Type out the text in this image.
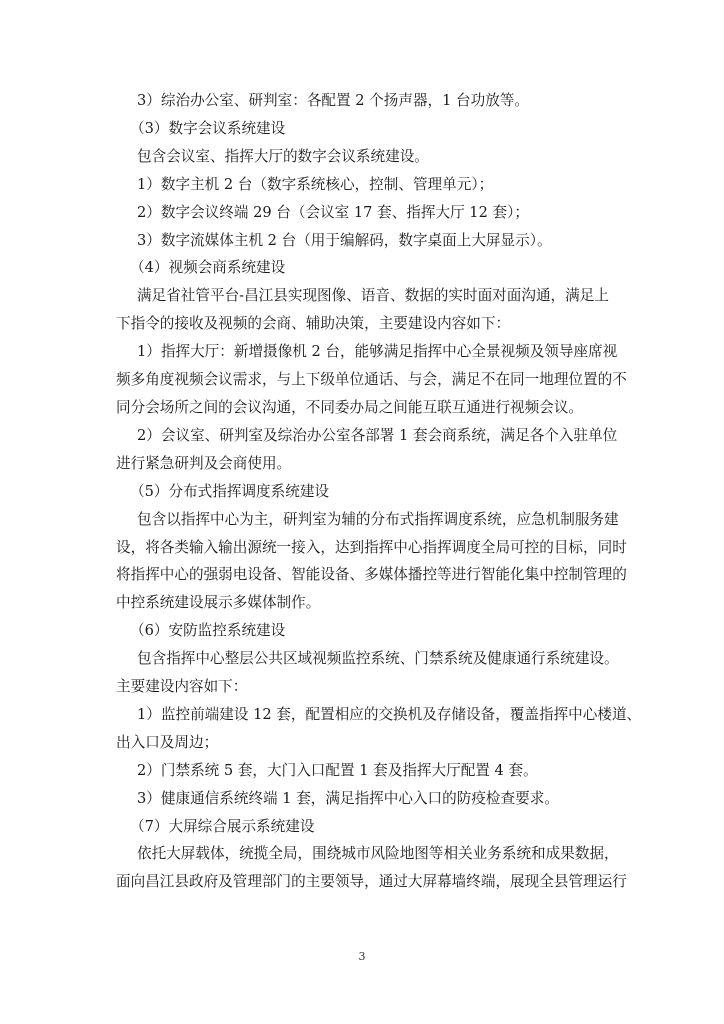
3）综治办公室、研判室：各配置 2 个扬声器，1 台功放等。

（3）数字会议系统建设

包含会议室、指挥大厅的数字会议系统建设。

1）数字主机 2 台（数字系统核心，控制、管理单元）；

2）数字会议终端 29 台（会议室 17 套、指挥大厅 12 套）；

3）数字流媒体主机 2 台（用于编解码，数字桌面上大屏显示）。

（4）视频会商系统建设

满足省社管平台-昌江县实现图像、语音、数据的实时面对面沟通，满足上

下指令的接收及视频的会商、辅助决策，主要建设内容如下：

1）指挥大厅：新增摄像机 2 台，能够满足指挥中心全景视频及领导座席视

频多角度视频会议需求，与上下级单位通话、与会，满足不在同一地理位置的不

同分会场所之间的会议沟通，不同委办局之间能互联互通进行视频会议。

2）会议室、研判室及综治办公室各部署 1 套会商系统，满足各个入驻单位

进行紧急研判及会商使用。

（5）分布式指挥调度系统建设

包含以指挥中心为主，研判室为辅的分布式指挥调度系统，应急机制服务建

设，将各类输入输出源统一接入，达到指挥中心指挥调度全局可控的目标，同时

将指挥中心的强弱电设备、智能设备、多媒体播控等进行智能化集中控制管理的

中控系统建设展示多媒体制作。

（6）安防监控系统建设

包含指挥中心整层公共区域视频监控系统、门禁系统及健康通行系统建设。

主要建设内容如下：

1）监控前端建设 12 套，配置相应的交换机及存储设备，覆盖指挥中心楼道、

出入口及周边；

2）门禁系统 5 套，大门入口配置 1 套及指挥大厅配置 4 套。

3）健康通信系统终端 1 套，满足指挥中心入口的防疫检查要求。

（7）大屏综合展示系统建设

依托大屏载体，统揽全局，围绕城市风险地图等相关业务系统和成果数据，

面向昌江县政府及管理部门的主要领导，通过大屏幕墙终端，展现全县管理运行

3
